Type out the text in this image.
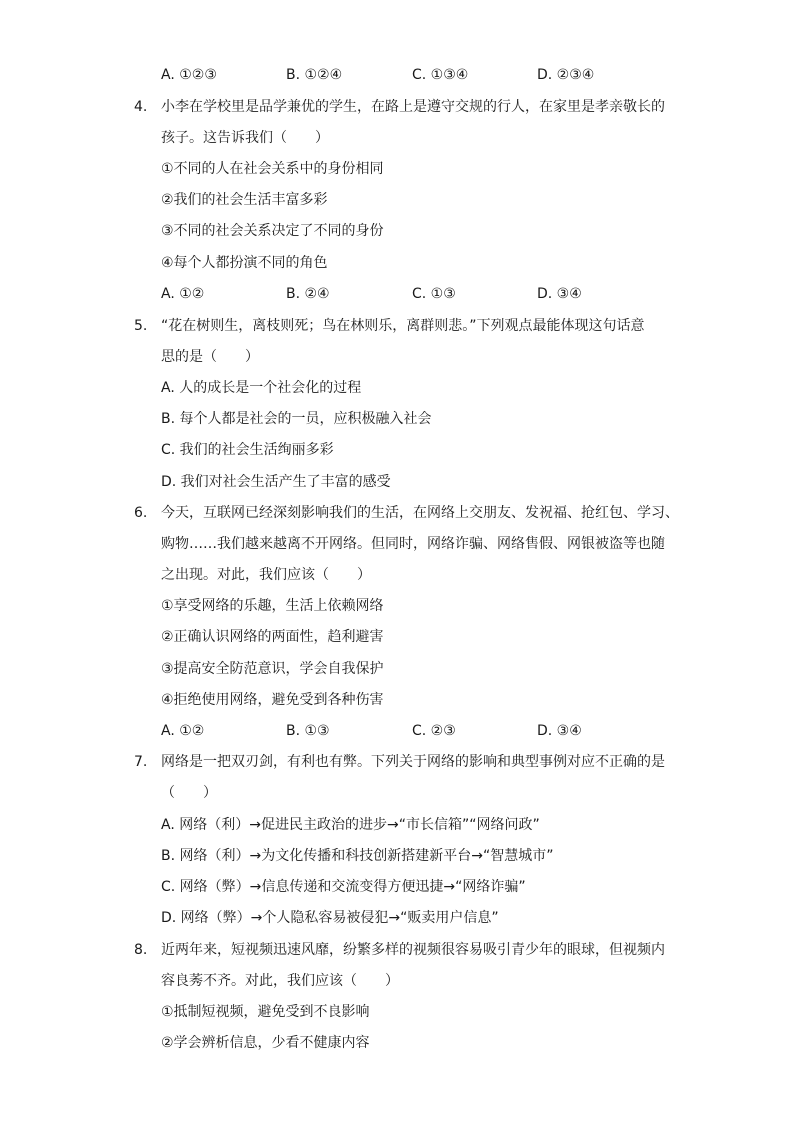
A. ①②③	B. ①②④	C. ①③④	D. ②③④
4. 小李在学校里是品学兼优的学生，在路上是遵守交规的行人，在家里是孝亲敬长的
孩子。这告诉我们（　　）
①不同的人在社会关系中的身份相同
②我们的社会生活丰富多彩
③不同的社会关系决定了不同的身份
④每个人都扮演不同的角色
A. ①②	B. ②④	C. ①③	D. ③④
5. “花在树则生，离枝则死；鸟在林则乐，离群则悲。”下列观点最能体现这句话意
思的是（　　）
A. 人的成长是一个社会化的过程
B. 每个人都是社会的一员，应积极融入社会
C. 我们的社会生活绚丽多彩
D. 我们对社会生活产生了丰富的感受
6. 今天，互联网已经深刻影响我们的生活，在网络上交朋友、发祝福、抢红包、学习、
购物……我们越来越离不开网络。但同时，网络诈骗、网络售假、网银被盗等也随
之出现。对此，我们应该（　　）
①享受网络的乐趣，生活上依赖网络
②正确认识网络的两面性，趋利避害
③提高安全防范意识，学会自我保护
④拒绝使用网络，避免受到各种伤害
A. ①②	B. ①③	C. ②③	D. ③④
7. 网络是一把双刃剑，有利也有弊。下列关于网络的影响和典型事例对应不正确的是
（　　）
A. 网络（利）→促进民主政治的进步→“市长信箱”“网络问政”
B. 网络（利）→为文化传播和科技创新搭建新平台→“智慧城市”
C. 网络（弊）→信息传递和交流变得方便迅捷→“网络诈骗”
D. 网络（弊）→个人隐私容易被侵犯→“贩卖用户信息”
8. 近两年来，短视频迅速风靡，纷繁多样的视频很容易吸引青少年的眼球，但视频内
容良莠不齐。对此，我们应该（　　）
①抵制短视频，避免受到不良影响
②学会辨析信息，少看不健康内容
